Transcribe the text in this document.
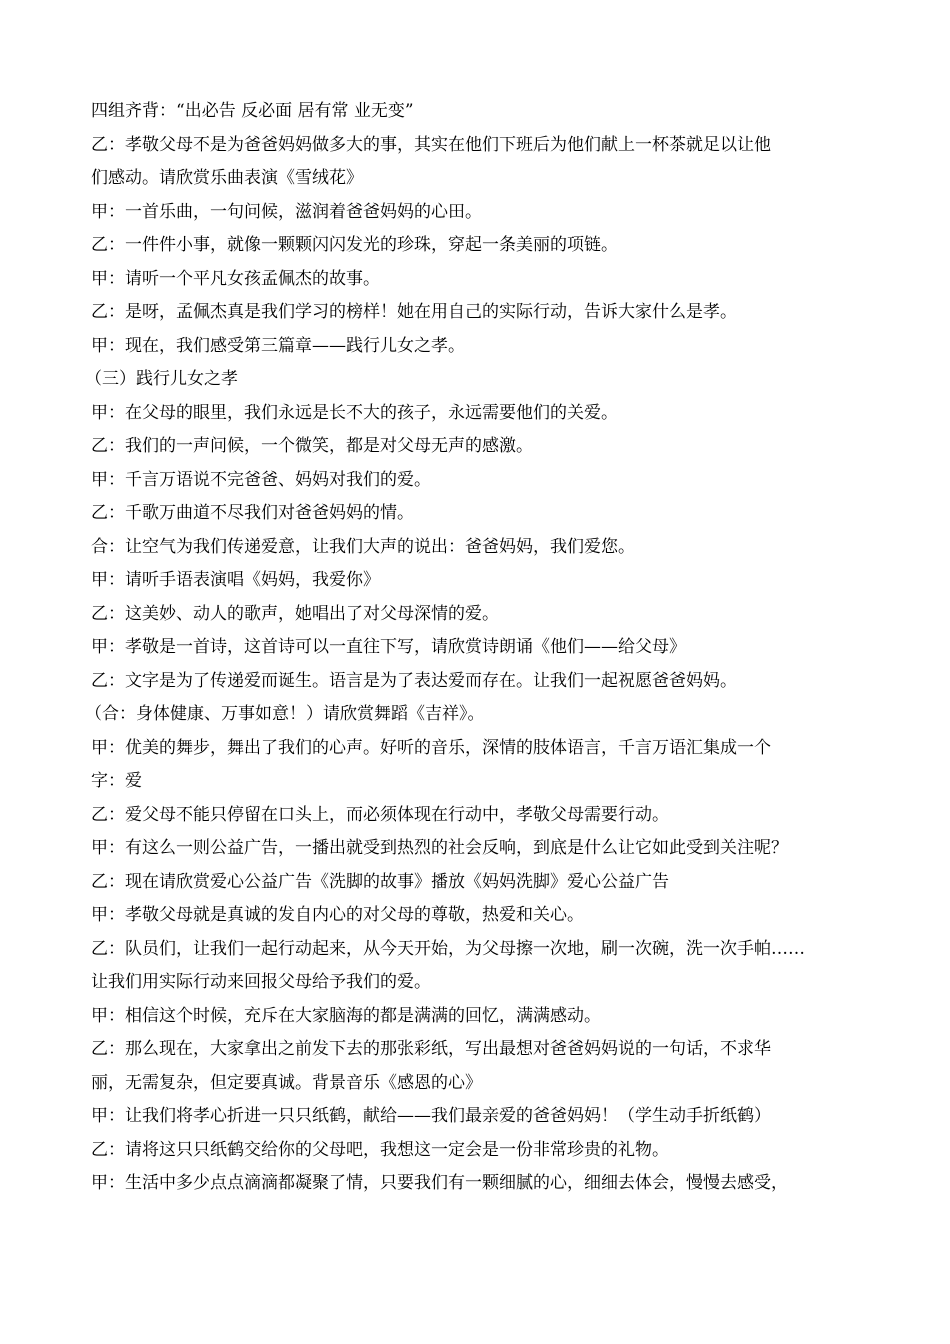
四组齐背：“出必告 反必面 居有常 业无变”
乙：孝敬父母不是为爸爸妈妈做多大的事，其实在他们下班后为他们献上一杯茶就足以让他
们感动。请欣赏乐曲表演《雪绒花》
甲：一首乐曲，一句问候，滋润着爸爸妈妈的心田。
乙：一件件小事，就像一颗颗闪闪发光的珍珠，穿起一条美丽的项链。
甲：请听一个平凡女孩孟佩杰的故事。
乙：是呀，孟佩杰真是我们学习的榜样！她在用自己的实际行动，告诉大家什么是孝。
甲：现在，我们感受第三篇章——践行儿女之孝。
（三）践行儿女之孝
甲：在父母的眼里，我们永远是长不大的孩子，永远需要他们的关爱。
乙：我们的一声问候，一个微笑，都是对父母无声的感激。
甲：千言万语说不完爸爸、妈妈对我们的爱。
乙：千歌万曲道不尽我们对爸爸妈妈的情。
合：让空气为我们传递爱意，让我们大声的说出：爸爸妈妈，我们爱您。
甲：请听手语表演唱《妈妈，我爱你》
乙：这美妙、动人的歌声，她唱出了对父母深情的爱。
甲：孝敬是一首诗，这首诗可以一直往下写，请欣赏诗朗诵《他们——给父母》
乙：文字是为了传递爱而诞生。语言是为了表达爱而存在。让我们一起祝愿爸爸妈妈。
（合：身体健康、万事如意！）请欣赏舞蹈《吉祥》。
甲：优美的舞步，舞出了我们的心声。好听的音乐，深情的肢体语言，千言万语汇集成一个
字：爱
乙：爱父母不能只停留在口头上，而必须体现在行动中，孝敬父母需要行动。
甲：有这么一则公益广告，一播出就受到热烈的社会反响，到底是什么让它如此受到关注呢？
乙：现在请欣赏爱心公益广告《洗脚的故事》播放《妈妈洗脚》爱心公益广告
甲：孝敬父母就是真诚的发自内心的对父母的尊敬，热爱和关心。
乙：队员们，让我们一起行动起来，从今天开始，为父母擦一次地，刷一次碗，洗一次手帕……
让我们用实际行动来回报父母给予我们的爱。
甲：相信这个时候，充斥在大家脑海的都是满满的回忆，满满感动。
乙：那么现在，大家拿出之前发下去的那张彩纸，写出最想对爸爸妈妈说的一句话，不求华
丽，无需复杂，但定要真诚。背景音乐《感恩的心》
甲：让我们将孝心折进一只只纸鹤，献给——我们最亲爱的爸爸妈妈！（学生动手折纸鹤）
乙：请将这只只纸鹤交给你的父母吧，我想这一定会是一份非常珍贵的礼物。
甲：生活中多少点点滴滴都凝聚了情，只要我们有一颗细腻的心，细细去体会，慢慢去感受，
